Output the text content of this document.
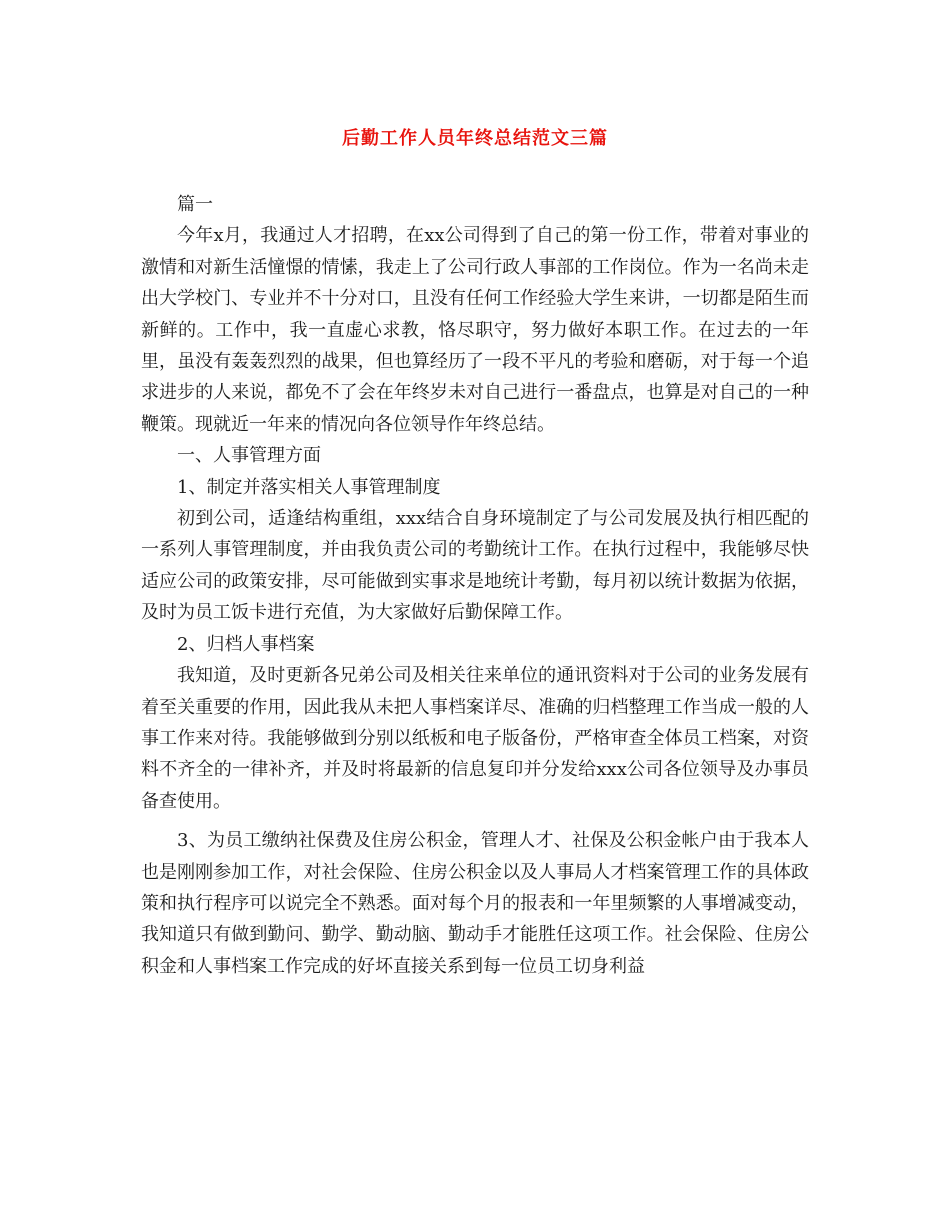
后勤工作人员年终总结范文三篇

篇一

今年x月，我通过人才招聘，在xx公司得到了自己的第一份工作，带着对事业的激情和对新生活憧憬的情愫，我走上了公司行政人事部的工作岗位。作为一名尚未走出大学校门、专业并不十分对口，且没有任何工作经验大学生来讲，一切都是陌生而新鲜的。工作中，我一直虚心求教，恪尽职守，努力做好本职工作。在过去的一年里，虽没有轰轰烈烈的战果，但也算经历了一段不平凡的考验和磨砺，对于每一个追求进步的人来说，都免不了会在年终岁未对自己进行一番盘点，也算是对自己的一种鞭策。现就近一年来的情况向各位领导作年终总结。

一、人事管理方面

1、制定并落实相关人事管理制度

初到公司，适逢结构重组，xxx结合自身环境制定了与公司发展及执行相匹配的一系列人事管理制度，并由我负责公司的考勤统计工作。在执行过程中，我能够尽快适应公司的政策安排，尽可能做到实事求是地统计考勤，每月初以统计数据为依据，及时为员工饭卡进行充值，为大家做好后勤保障工作。

2、归档人事档案

我知道，及时更新各兄弟公司及相关往来单位的通讯资料对于公司的业务发展有着至关重要的作用，因此我从未把人事档案详尽、准确的归档整理工作当成一般的人事工作来对待。我能够做到分别以纸板和电子版备份，严格审查全体员工档案，对资料不齐全的一律补齐，并及时将最新的信息复印并分发给xxx公司各位领导及办事员备查使用。

3、为员工缴纳社保费及住房公积金，管理人才、社保及公积金帐户由于我本人也是刚刚参加工作，对社会保险、住房公积金以及人事局人才档案管理工作的具体政策和执行程序可以说完全不熟悉。面对每个月的报表和一年里频繁的人事增减变动，我知道只有做到勤问、勤学、勤动脑、勤动手才能胜任这项工作。社会保险、住房公积金和人事档案工作完成的好坏直接关系到每一位员工切身利益
